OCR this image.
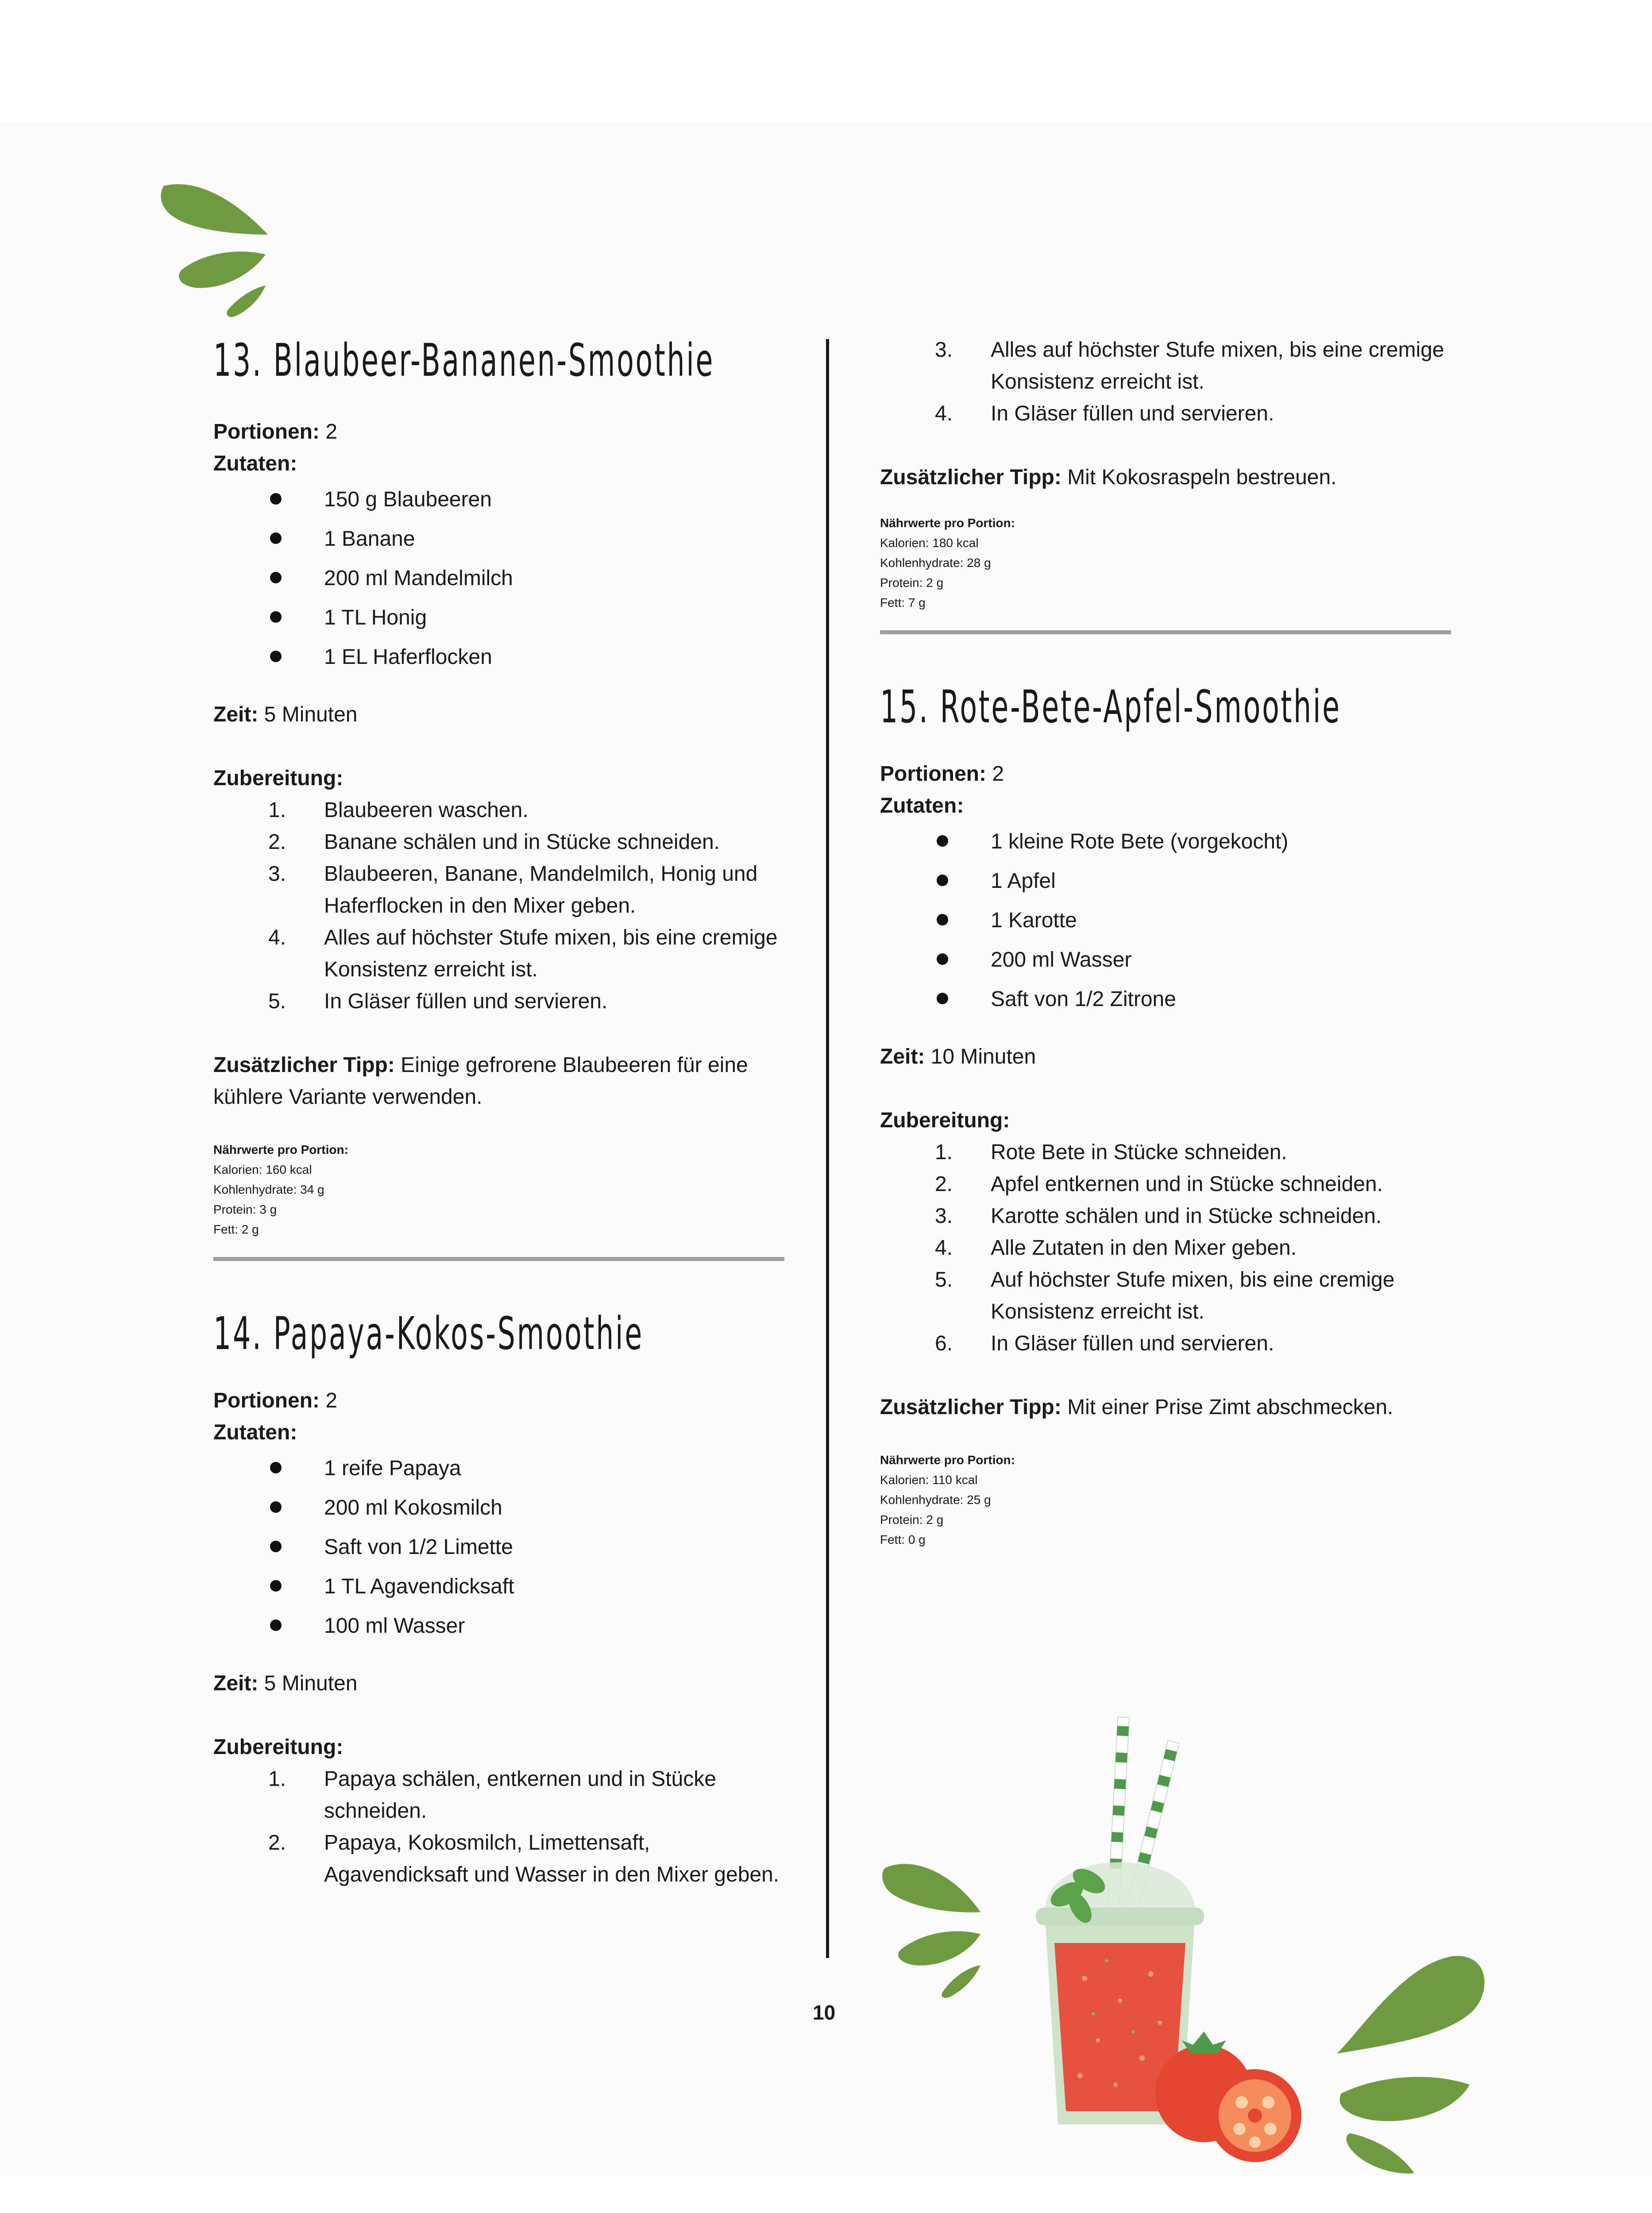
13. Blaubeer-Bananen-Smoothie

Portionen: 2

Zutaten:

150 g Blaubeeren
1 Banane
200 ml Mandelmilch
1 TL Honig
1 EL Haferflocken

Zeit: 5 Minuten

Zubereitung:

1. Blaubeeren waschen.
2. Banane schälen und in Stücke schneiden.
3. Blaubeeren, Banane, Mandelmilch, Honig und Haferflocken in den Mixer geben.
4. Alles auf höchster Stufe mixen, bis eine cremige Konsistenz erreicht ist.
5. In Gläser füllen und servieren.

Zusätzlicher Tipp: Einige gefrorene Blaubeeren für eine kühlere Variante verwenden.

Nährwerte pro Portion:
Kalorien: 160 kcal
Kohlenhydrate: 34 g
Protein: 3 g
Fett: 2 g
14. Papaya-Kokos-Smoothie

Portionen: 2

Zutaten:

1 reife Papaya
200 ml Kokosmilch
Saft von 1/2 Limette
1 TL Agavendicksaft
100 ml Wasser

Zeit: 5 Minuten

Zubereitung:

1. Papaya schälen, entkernen und in Stücke schneiden.
2. Papaya, Kokosmilch, Limettensaft, Agavendicksaft und Wasser in den Mixer geben.
3. Alles auf höchster Stufe mixen, bis eine cremige Konsistenz erreicht ist.
4. In Gläser füllen und servieren.

Zusätzlicher Tipp: Mit Kokosraspeln bestreuen.

Nährwerte pro Portion:
Kalorien: 180 kcal
Kohlenhydrate: 28 g
Protein: 2 g
Fett: 7 g
15. Rote-Bete-Apfel-Smoothie

Portionen: 2

Zutaten:

1 kleine Rote Bete (vorgekocht)
1 Apfel
1 Karotte
200 ml Wasser
Saft von 1/2 Zitrone

Zeit: 10 Minuten

Zubereitung:

1. Rote Bete in Stücke schneiden.
2. Apfel entkernen und in Stücke schneiden.
3. Karotte schälen und in Stücke schneiden.
4. Alle Zutaten in den Mixer geben.
5. Auf höchster Stufe mixen, bis eine cremige Konsistenz erreicht ist.
6. In Gläser füllen und servieren.

Zusätzlicher Tipp: Mit einer Prise Zimt abschmecken.

Nährwerte pro Portion:
Kalorien: 110 kcal
Kohlenhydrate: 25 g
Protein: 2 g
Fett: 0 g
10
